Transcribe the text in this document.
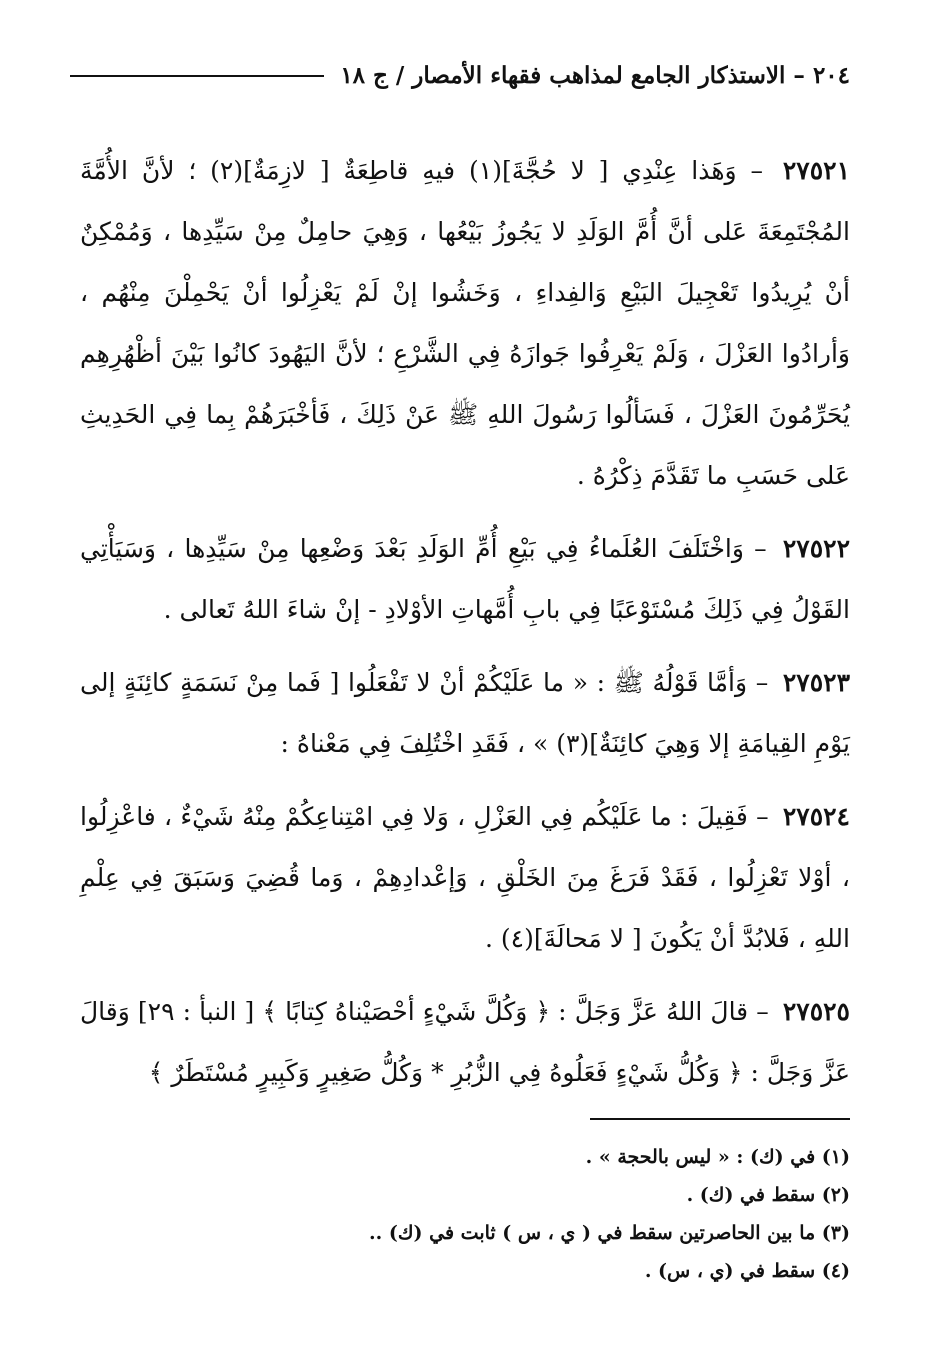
٢٠٤ – الاستذكار الجامع لمذاهب فقهاء الأمصار / ج ١٨

٢٧٥٢١ – وَهَذا عِنْدِي [ لا حُجَّةَ](١) فيهِ قاطِعَةٌ [ لازِمَةٌ](٢) ؛ لأنَّ الأُمَّةَ المُجْتَمِعَةَ عَلى أنَّ أُمَّ الوَلَدِ لا يَجُوزُ بَيْعُها ، وَهِيَ حامِلٌ مِنْ سَيِّدِها ، وَمُمْكِنٌ أنْ يُرِيدُوا تَعْجِيلَ البَيْعِ وَالفِداءِ ، وَخَشُوا إنْ لَمْ يَعْزِلُوا أنْ يَحْمِلْنَ مِنْهُم ، وَأرادُوا العَزْلَ ، وَلَمْ يَعْرِفُوا جَوازَهُ فِي الشَّرْعِ ؛ لأنَّ اليَهُودَ كانُوا بَيْنَ أظْهُرِهِم يُحَرِّمُونَ العَزْلَ ، فَسَألُوا رَسُولَ اللهِ ﷺ عَنْ ذَلِكَ ، فَأخْبَرَهُمْ بِما فِي الحَدِيثِ عَلى حَسَبِ ما تَقَدَّمَ ذِكْرُهُ .

٢٧٥٢٢ – وَاخْتَلَفَ العُلَماءُ فِي بَيْعِ أُمِّ الوَلَدِ بَعْدَ وَضْعِها مِنْ سَيِّدِها ، وَسَيَأْتِي القَوْلُ فِي ذَلِكَ مُسْتَوْعَبًا فِي بابِ أُمَّهاتِ الأوْلادِ - إنْ شاءَ اللهُ تَعالى .

٢٧٥٢٣ – وَأمَّا قَوْلُهُ ﷺ : « ما عَلَيْكُمْ أنْ لا تَفْعَلُوا [ فَما مِنْ نَسَمَةٍ كائِنَةٍ إلى يَوْمِ القِيامَةِ إلا وَهِيَ كائِنَةٌ](٣) » ، فَقَدِ اخْتُلِفَ فِي مَعْناهُ :

٢٧٥٢٤ – فَقِيلَ : ما عَلَيْكُم فِي العَزْلِ ، وَلا فِي امْتِناعِكُمْ مِنْهُ شَيْءٌ ، فاعْزِلُوا ، أوْلا تَعْزِلُوا ، فَقَدْ فَرَغَ مِنَ الخَلْقِ ، وَإعْدادِهِمْ ، وَما قُضِيَ وَسَبَقَ فِي عِلْمِ اللهِ ، فَلابُدَّ أنْ يَكُونَ [ لا مَحالَةَ](٤) .

٢٧٥٢٥ – قالَ اللهُ عَزَّ وَجَلَّ : ﴿ وَكُلَّ شَيْءٍ أحْصَيْناهُ كِتابًا ﴾ [ النبأ : ٢٩] وَقالَ عَزَّ وَجَلَّ : ﴿ وَكُلُّ شَيْءٍ فَعَلُوهُ فِي الزُّبُرِ * وَكُلُّ صَغِيرٍ وَكَبِيرٍ مُسْتَطَرٌ ﴾

(١) في (ك) : « ليس بالحجة » .

(٢) سقط في (ك) .

(٣) ما بين الحاصرتين سقط في ( ي ، س ) ثابت في (ك) ..

(٤) سقط في (ي ، س) .
